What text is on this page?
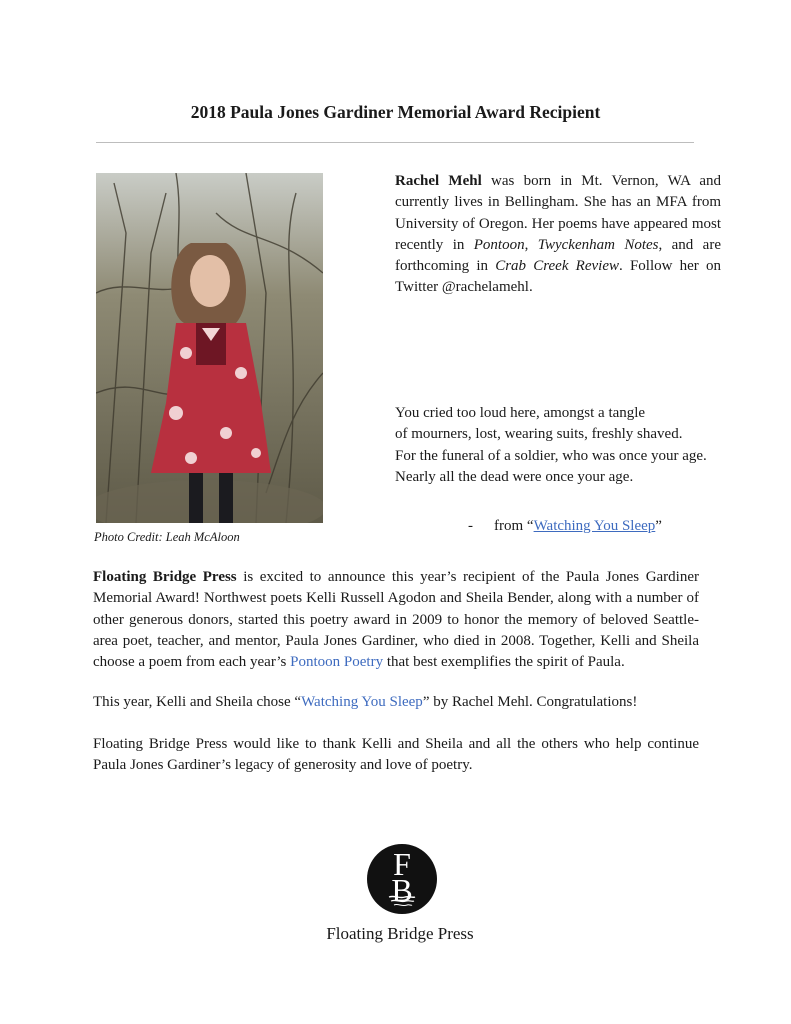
2018 Paula Jones Gardiner Memorial Award Recipient
Photo Credit: Leah McAloon
Rachel Mehl was born in Mt. Vernon, WA and currently lives in Bellingham. She has an MFA from University of Oregon. Her poems have appeared most recently in Pontoon, Twyckenham Notes, and are forthcoming in Crab Creek Review. Follow her on Twitter @rachelamehl.
You cried too loud here, amongst a tangle
of mourners, lost, wearing suits, freshly shaved.
For the funeral of a soldier, who was once your age.
Nearly all the dead were once your age.
- from “Watching You Sleep”
Floating Bridge Press is excited to announce this year’s recipient of the Paula Jones Gardiner Memorial Award! Northwest poets Kelli Russell Agodon and Sheila Bender, along with a number of other generous donors, started this poetry award in 2009 to honor the memory of beloved Seattle-area poet, teacher, and mentor, Paula Jones Gardiner, who died in 2008. Together, Kelli and Sheila choose a poem from each year’s Pontoon Poetry that best exemplifies the spirit of Paula.
This year, Kelli and Sheila chose “Watching You Sleep” by Rachel Mehl. Congratulations!
Floating Bridge Press would like to thank Kelli and Sheila and all the others who help continue Paula Jones Gardiner’s legacy of generosity and love of poetry.
F
B
Floating Bridge Press
